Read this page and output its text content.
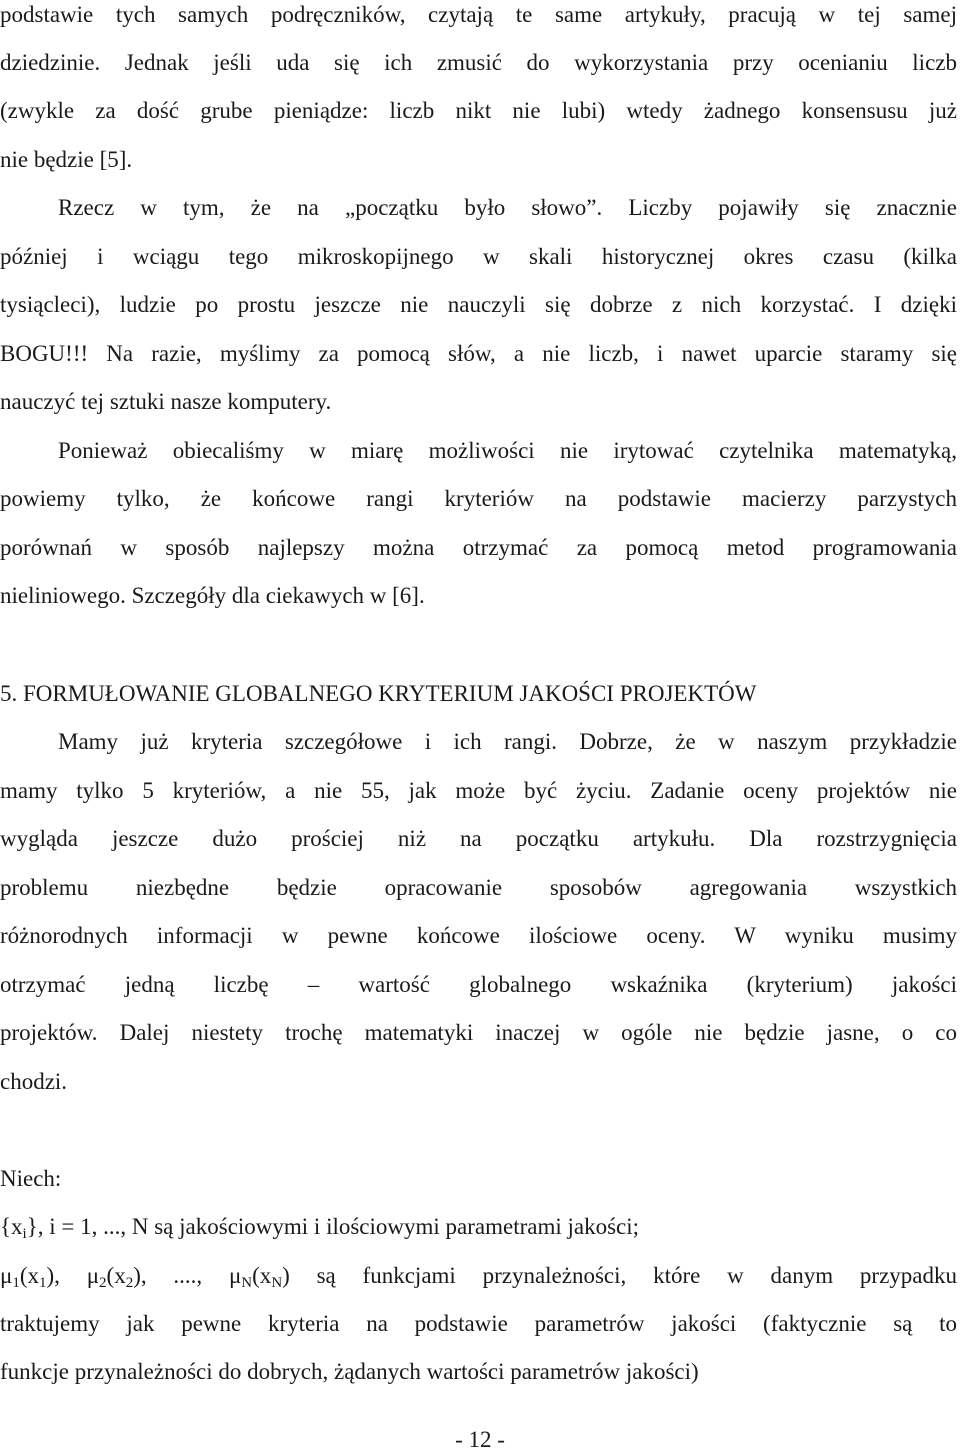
podstawie tych samych podręczników, czytają te same artykuły, pracują w tej samej
dziedzinie. Jednak jeśli uda się ich zmusić do wykorzystania przy ocenianiu liczb
(zwykle za dość grube pieniądze: liczb nikt nie lubi) wtedy żadnego konsensusu już
nie będzie [5].
Rzecz w tym, że na „początku było słowo”. Liczby pojawiły się znacznie
później i wciągu tego mikroskopijnego w skali historycznej okres czasu (kilka
tysiącleci), ludzie po prostu jeszcze nie nauczyli się dobrze z nich korzystać. I dzięki
BOGU!!! Na razie, myślimy za pomocą słów, a nie liczb, i nawet uparcie staramy się
nauczyć tej sztuki nasze komputery.
Ponieważ obiecaliśmy w miarę możliwości nie irytować czytelnika matematyką,
powiemy tylko, że końcowe rangi kryteriów na podstawie macierzy parzystych
porównań w sposób najlepszy można otrzymać za pomocą metod programowania
nieliniowego. Szczegóły dla ciekawych w [6].
5. FORMUŁOWANIE GLOBALNEGO KRYTERIUM JAKOŚCI PROJEKTÓW
Mamy już kryteria szczegółowe i ich rangi. Dobrze, że w naszym przykładzie
mamy tylko 5 kryteriów, a nie 55, jak może być życiu. Zadanie oceny projektów nie
wygląda jeszcze dużo prościej niż na początku artykułu. Dla rozstrzygnięcia
problemu niezbędne będzie opracowanie sposobów agregowania wszystkich
różnorodnych informacji w pewne końcowe ilościowe oceny. W wyniku musimy
otrzymać jedną liczbę – wartość globalnego wskaźnika (kryterium) jakości
projektów. Dalej niestety trochę matematyki inaczej w ogóle nie będzie jasne, o co
chodzi.
Niech:
$\{x_i\}$, i = 1, ..., N są jakościowymi i ilościowymi parametrami jakości;
$\mu_1(x_1)$, $\mu_2(x_2)$, ...., $\mu_N(x_N)$ są funkcjami przynależności, które w danym przypadku
traktujemy jak pewne kryteria na podstawie parametrów jakości (faktycznie są to
funkcje przynależności do dobrych, żądanych wartości parametrów jakości)
- 12 -
